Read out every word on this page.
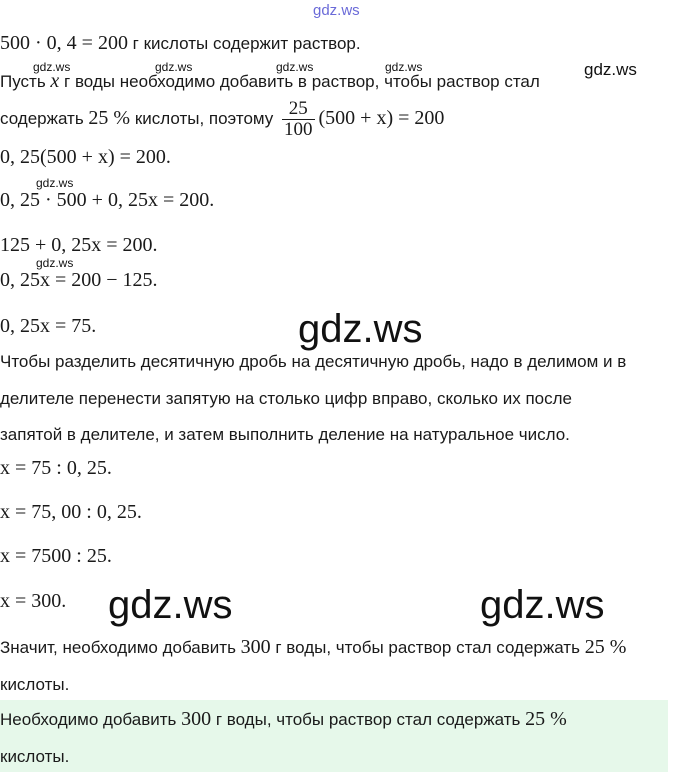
gdz.ws
500 · 0, 4 = 200 г кислоты содержит раствор.
gdz.ws	gdz.ws	gdz.ws	gdz.ws	gdz.ws
Пусть x г воды необходимо добавить в раствор, чтобы раствор стал
содержать 25 % кислоты, поэтому $\frac{25}{100} (500 + x) = 200$
0, 25(500 + x) = 200.
gdz.ws
0, 25 · 500 + 0, 25x = 200.
125 + 0, 25x = 200.
gdz.ws
0, 25x = 200 − 125.
0, 25x = 75.	gdz.ws
Чтобы разделить десятичную дробь на десятичную дробь, надо в делимом и в
делителе перенести запятую на столько цифр вправо, сколько их после
запятой в делителе, и затем выполнить деление на натуральное число.
x = 75 : 0, 25.
x = 75, 00 : 0, 25.
x = 7500 : 25.
x = 300. gdz.ws	gdz.ws
Значит, необходимо добавить 300 г воды, чтобы раствор стал содержать 25 %
кислоты.
Необходимо добавить 300 г воды, чтобы раствор стал содержать 25 %
кислоты.
